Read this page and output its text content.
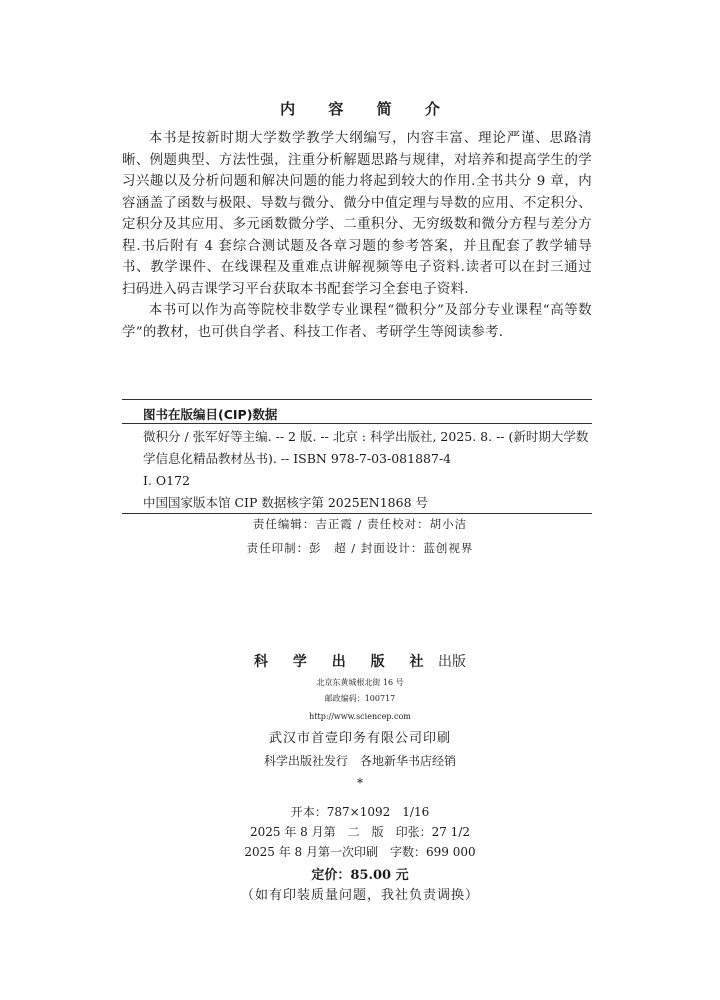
内 容 简 介

本书是按新时期大学数学教学大纲编写，内容丰富、理论严谨、思路清晰、例题典型、方法性强，注重分析解题思路与规律，对培养和提高学生的学习兴趣以及分析问题和解决问题的能力将起到较大的作用.全书共分 9 章，内容涵盖了函数与极限、导数与微分、微分中值定理与导数的应用、不定积分、定积分及其应用、多元函数微分学、二重积分、无穷级数和微分方程与差分方程.书后附有 4 套综合测试题及各章习题的参考答案，并且配套了教学辅导书、教学课件、在线课程及重难点讲解视频等电子资料.读者可以在封三通过扫码进入码吉课学习平台获取本书配套学习全套电子资料.

本书可以作为高等院校非数学专业课程“微积分”及部分专业课程“高等数学”的教材，也可供自学者、科技工作者、考研学生等阅读参考.

图书在版编目(CIP)数据
微积分 / 张军好等主编. -- 2 版. -- 北京 : 科学出版社, 2025. 8. -- (新时期大学数学信息化精品教材丛书). -- ISBN 978-7-03-081887-4
Ⅰ. O172
中国国家版本馆 CIP 数据核字第 2025EN1868 号
责任编辑：吉正霞 / 责任校对：胡小洁
责任印制：彭　超 / 封面设计：蓝创视界
科 学 出 版 社 出版
北京东黄城根北街 16 号
邮政编码：100717
http://www.sciencep.com
武汉市首壹印务有限公司印刷
科学出版社发行　各地新华书店经销
*
开本：787×1092　1/16
2025 年 8 月第　二　版　印张：27 1/2
2025 年 8 月第一次印刷　字数：699 000
定价：85.00 元
（如有印装质量问题，我社负责调换）
